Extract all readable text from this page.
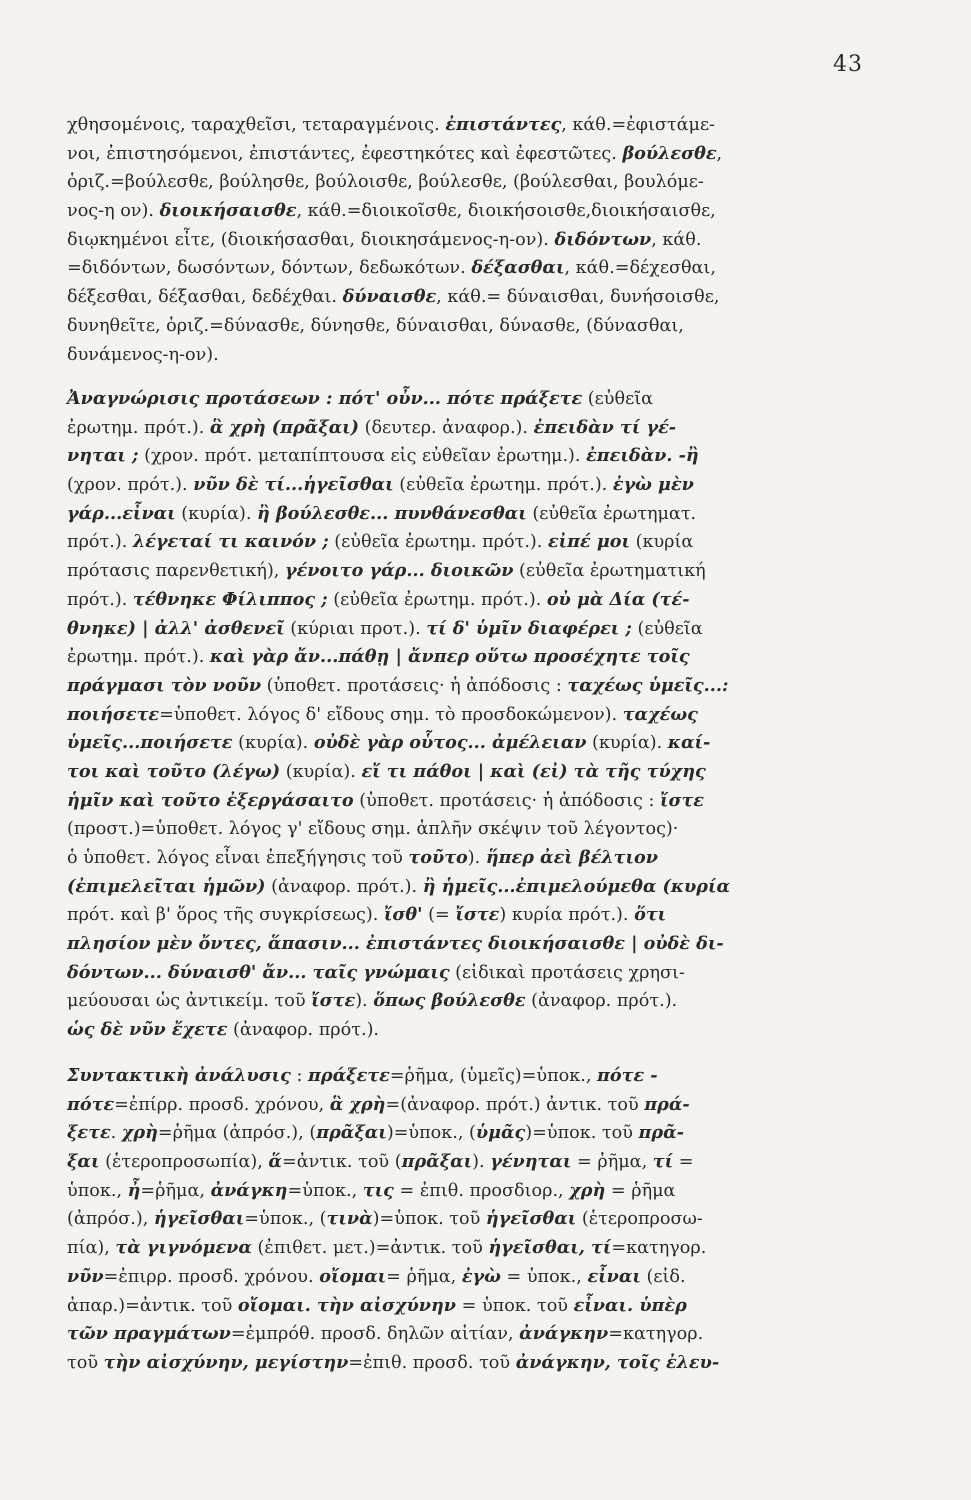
43
χθησομένοις, ταραχθεῖσι, τεταραγμένοις. ἐπιστάντες, κάθ.=ἐφιστάμε-
νοι, ἐπιστησόμενοι, ἐπιστάντες, ἐφεστηκότες καὶ ἐφεστῶτες. βούλεσθε,
ὁριζ.=βούλεσθε, βούλησθε, βούλοισθε, βούλεσθε, (βούλεσθαι, βουλόμε-
νος-η ον). διοικήσαισθε, κάθ.=διοικοῖσθε, διοικήσοισθε,διοικήσαισθε,
διῳκημένοι εἶτε, (διοικήσασθαι, διοικησάμενος-η-ον). διδόντων, κάθ.
=διδόντων, δωσόντων, δόντων, δεδωκότων. δέξασθαι, κάθ.=δέχεσθαι,
δέξεσθαι, δέξασθαι, δεδέχθαι. δύναισθε, κάθ.= δύναισθαι, δυνήσοισθε,
δυνηθεῖτε, ὁριζ.=δύνασθε, δύνησθε, δύναισθαι, δύνασθε, (δύνασθαι,
δυνάμενος-η-ον).
Ἀναγνώρισις προτάσεων : πότ' οὖν... πότε πράξετε (εὐθεῖα
ἐρωτημ. πρότ.). ἃ χρὴ (πρᾶξαι) (δευτερ. ἀναφορ.). ἐπειδὰν τί γέ-
νηται ; (χρον. πρότ. μεταπίπτουσα εἰς εὐθεῖαν ἐρωτημ.). ἐπειδὰν. -ἢ
(χρον. πρότ.). νῦν δὲ τί...ἡγεῖσθαι (εὐθεῖα ἐρωτημ. πρότ.). ἐγὼ μὲν
γάρ...εἶναι (κυρία). ἢ βούλεσθε... πυνθάνεσθαι (εὐθεῖα ἐρωτηματ.
πρότ.). λέγεταί τι καινόν ; (εὐθεῖα ἐρωτημ. πρότ.). εἰπέ μοι (κυρία
πρότασις παρενθετική), γένοιτο γάρ... διοικῶν (εὐθεῖα ἐρωτηματική
πρότ.). τέθνηκε Φίλιππος ; (εὐθεῖα ἐρωτημ. πρότ.). οὐ μὰ Δία (τέ-
θνηκε) | ἀλλ' ἀσθενεῖ (κύριαι προτ.). τί δ' ὑμῖν διαφέρει ; (εὐθεῖα
ἐρωτημ. πρότ.). καὶ γὰρ ἄν...πάθῃ | ἄνπερ οὕτω προσέχητε τοῖς
πράγμασι τὸν νοῦν (ὑποθετ. προτάσεις· ἡ ἀπόδοσις : ταχέως ὑμεῖς...:
ποιήσετε=ὑποθετ. λόγος δ' εἴδους σημ. τὸ προσδοκώμενον). ταχέως
ὑμεῖς...ποιήσετε (κυρία). οὐδὲ γὰρ οὗτος... ἀμέλειαν (κυρία). καί-
τοι καὶ τοῦτο (λέγω) (κυρία). εἴ τι πάθοι | καὶ (εἰ) τὰ τῆς τύχης
ἡμῖν καὶ τοῦτο ἐξεργάσαιτο (ὑποθετ. προτάσεις· ἡ ἀπόδοσις : ἴστε
(προστ.)=ὑποθετ. λόγος γ' εἴδους σημ. ἁπλῆν σκέψιν τοῦ λέγοντος)·
ὁ ὑποθετ. λόγος εἶναι ἐπεξήγησις τοῦ τοῦτο). ἥπερ ἀεὶ βέλτιον
(ἐπιμελεῖται ἡμῶν) (ἀναφορ. πρότ.). ἢ ἡμεῖς...ἐπιμελούμεθα (κυρία
πρότ. καὶ β' ὅρος τῆς συγκρίσεως). ἴσθ' (= ἴστε) κυρία πρότ.). ὅτι
πλησίον μὲν ὄντες, ἅπασιν... ἐπιστάντες διοικήσαισθε | οὐδὲ δι-
δόντων... δύναισθ' ἄν... ταῖς γνώμαις (εἰδικαὶ προτάσεις χρησι-
μεύουσαι ὡς ἀντικείμ. τοῦ ἴστε). ὅπως βούλεσθε (ἀναφορ. πρότ.).
ὡς δὲ νῦν ἔχετε (ἀναφορ. πρότ.).
Συντακτικὴ ἀνάλυσις : πράξετε=ῥῆμα, (ὑμεῖς)=ὑποκ., πότε -
πότε=ἐπίρρ. προσδ. χρόνου, ἃ χρὴ=(ἀναφορ. πρότ.) ἀντικ. τοῦ πρά-
ξετε. χρὴ=ῥῆμα (ἀπρόσ.), (πρᾶξαι)=ὑποκ., (ὑμᾶς)=ὑποκ. τοῦ πρᾶ-
ξαι (ἑτεροπροσωπία), ἅ=ἀντικ. τοῦ (πρᾶξαι). γένηται = ῥῆμα, τί =
ὑποκ., ἦ=ῥῆμα, ἀνάγκη=ὑποκ., τις = ἐπιθ. προσδιορ., χρὴ = ῥῆμα
(ἀπρόσ.), ἡγεῖσθαι=ὑποκ., (τινὰ)=ὑποκ. τοῦ ἡγεῖσθαι (ἑτεροπροσω-
πία), τὰ γιγνόμενα (ἐπιθετ. μετ.)=ἀντικ. τοῦ ἡγεῖσθαι, τί=κατηγορ.
νῦν=ἐπιρρ. προσδ. χρόνου. οἴομαι= ῥῆμα, ἐγὼ = ὑποκ., εἶναι (εἰδ.
ἀπαρ.)=ἀντικ. τοῦ οἴομαι. τὴν αἰσχύνην = ὑποκ. τοῦ εἶναι. ὑπὲρ
τῶν πραγμάτων=ἐμπρόθ. προσδ. δηλῶν αἰτίαν, ἀνάγκην=κατηγορ.
τοῦ τὴν αἰσχύνην, μεγίστην=ἐπιθ. προσδ. τοῦ ἀνάγκην, τοῖς ἐλευ-
